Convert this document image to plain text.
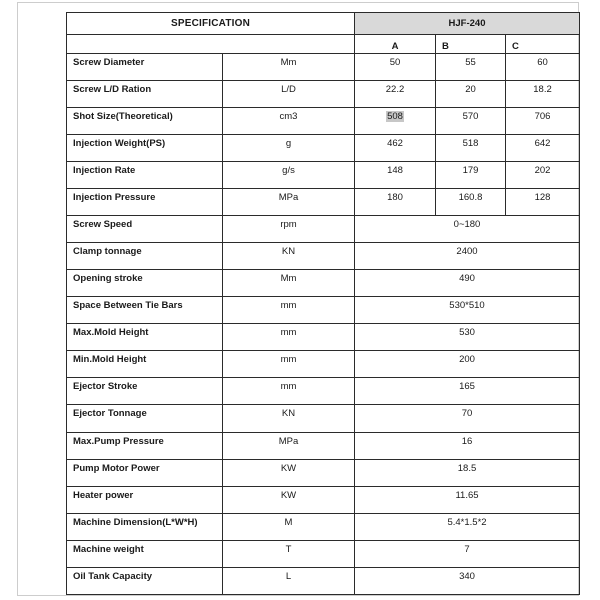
SPECIFICATION		HJF-240		
		A	B	C
Screw Diameter	Mm	50	55	60
Screw L/D Ration	L/D	22.2	20	18.2
Shot Size(Theoretical)	cm3	508	570	706
Injection Weight(PS)	g	462	518	642
Injection Rate	g/s	148	179	202
Injection Pressure	MPa	180	160.8	128
Screw Speed	rpm	0~180		
Clamp tonnage	KN	2400		
Opening stroke	Mm	490		
Space Between Tie Bars	mm	530*510		
Max.Mold Height	mm	530		
Min.Mold Height	mm	200		
Ejector Stroke	mm	165		
Ejector Tonnage	KN	70		
Max.Pump Pressure	MPa	16		
Pump Motor Power	KW	18.5		
Heater power	KW	11.65		
Machine Dimension(L*W*H)	M	5.4*1.5*2		
Machine weight	T	7		
Oil Tank Capacity	L	340		
